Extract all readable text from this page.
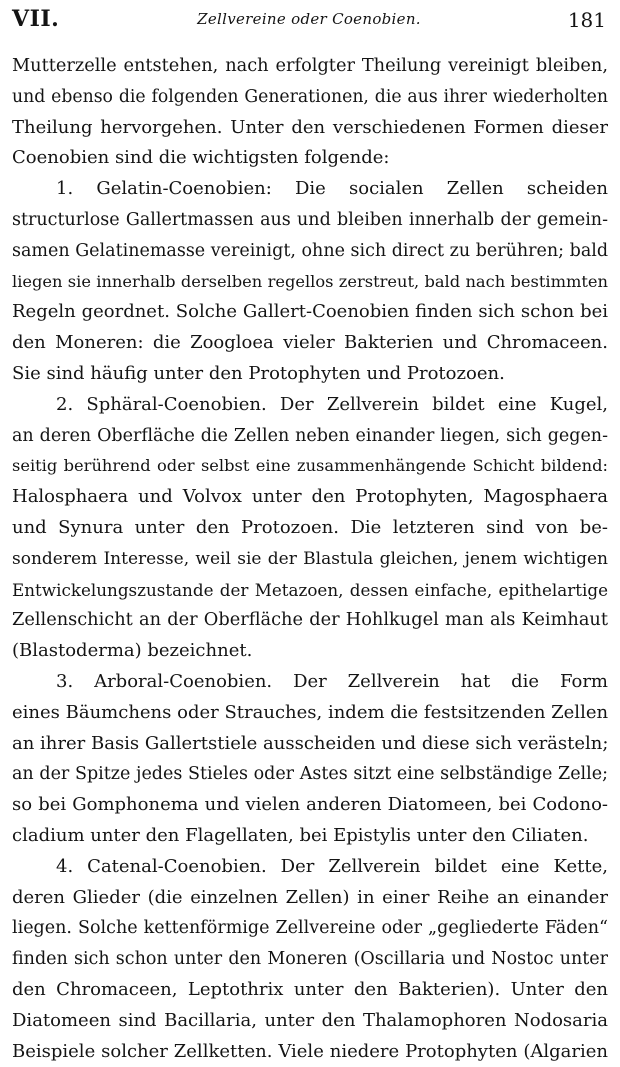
VII.	Zellvereine oder Coenobien.	181
Mutterzelle entstehen, nach erfolgter Theilung vereinigt bleiben,
und ebenso die folgenden Generationen, die aus ihrer wiederholten
Theilung hervorgehen. Unter den verschiedenen Formen dieser
Coenobien sind die wichtigsten folgende:
1. Gelatin-Coenobien: Die socialen Zellen scheiden
structurlose Gallertmassen aus und bleiben innerhalb der gemein-
samen Gelatinemasse vereinigt, ohne sich direct zu berühren; bald
liegen sie innerhalb derselben regellos zerstreut, bald nach bestimmten
Regeln geordnet. Solche Gallert-Coenobien finden sich schon bei
den Moneren: die Zoogloea vieler Bakterien und Chromaceen.
Sie sind häufig unter den Protophyten und Protozoen.
2. Sphäral-Coenobien. Der Zellverein bildet eine Kugel,
an deren Oberfläche die Zellen neben einander liegen, sich gegen-
seitig berührend oder selbst eine zusammenhängende Schicht bildend:
Halosphaera und Volvox unter den Protophyten, Magosphaera
und Synura unter den Protozoen. Die letzteren sind von be-
sonderem Interesse, weil sie der Blastula gleichen, jenem wichtigen
Entwickelungszustande der Metazoen, dessen einfache, epithelartige
Zellenschicht an der Oberfläche der Hohlkugel man als Keimhaut
(Blastoderma) bezeichnet.
3. Arboral-Coenobien. Der Zellverein hat die Form
eines Bäumchens oder Strauches, indem die festsitzenden Zellen
an ihrer Basis Gallertstiele ausscheiden und diese sich verästeln;
an der Spitze jedes Stieles oder Astes sitzt eine selbständige Zelle;
so bei Gomphonema und vielen anderen Diatomeen, bei Codono-
cladium unter den Flagellaten, bei Epistylis unter den Ciliaten.
4. Catenal-Coenobien. Der Zellverein bildet eine Kette,
deren Glieder (die einzelnen Zellen) in einer Reihe an einander
liegen. Solche kettenförmige Zellvereine oder „gegliederte Fäden“
finden sich schon unter den Moneren (Oscillaria und Nostoc unter
den Chromaceen, Leptothrix unter den Bakterien). Unter den
Diatomeen sind Bacillaria, unter den Thalamophoren Nodosaria
Beispiele solcher Zellketten. Viele niedere Protophyten (Algarien
